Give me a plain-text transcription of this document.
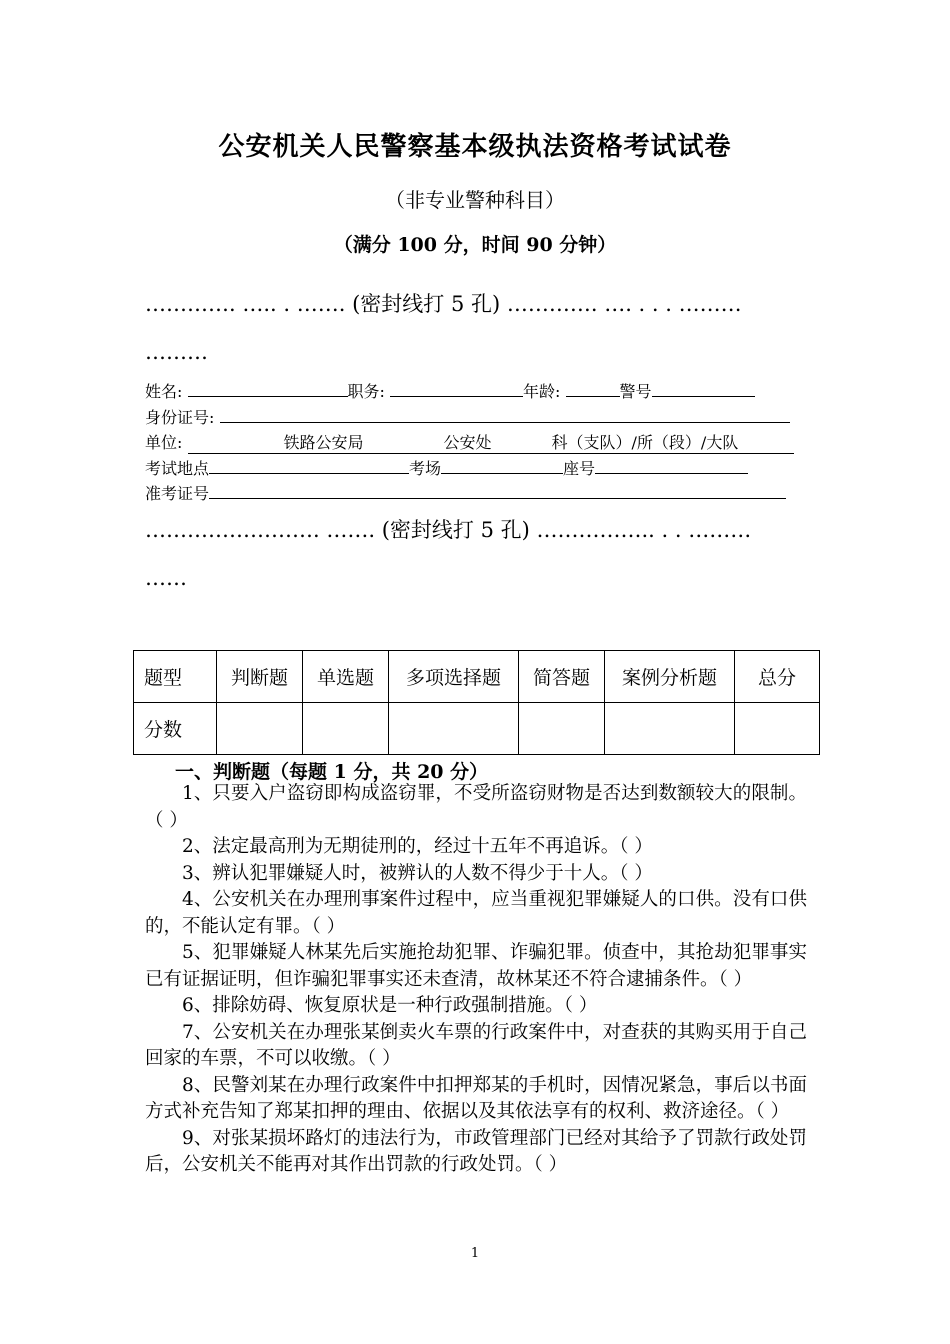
公安机关人民警察基本级执法资格考试试卷
（非专业警种科目）
（满分 100 分，时间 90 分钟）
…………. ….. . ……. (密封线打 5 孔) …………. …. . . . ………
………
姓名:	职务:	年龄:	警号
身份证号:
单位:	铁路公安局	公安处	科（支队）/所（段）/大队
考试地点	考场	座号
准考证号
……………………. ……. (密封线打 5 孔) …………….. . . ………
……
题型	判断题	单选题	多项选择题	简答题	案例分析题	总分
分数						
一、判断题（每题 1 分，共 20 分）

1、只要入户盗窃即构成盗窃罪，不受所盗窃财物是否达到数额较大的限制。（ ）

2、法定最高刑为无期徒刑的，经过十五年不再追诉。（ ）

3、辨认犯罪嫌疑人时，被辨认的人数不得少于十人。（ ）

4、公安机关在办理刑事案件过程中，应当重视犯罪嫌疑人的口供。没有口供的，不能认定有罪。（ ）

5、犯罪嫌疑人林某先后实施抢劫犯罪、诈骗犯罪。侦查中，其抢劫犯罪事实已有证据证明，但诈骗犯罪事实还未查清，故林某还不符合逮捕条件。（ ）

6、排除妨碍、恢复原状是一种行政强制措施。（ ）

7、公安机关在办理张某倒卖火车票的行政案件中，对查获的其购买用于自己回家的车票，不可以收缴。（ ）

8、民警刘某在办理行政案件中扣押郑某的手机时，因情况紧急，事后以书面方式补充告知了郑某扣押的理由、依据以及其依法享有的权利、救济途径。（ ）

9、对张某损坏路灯的违法行为，市政管理部门已经对其给予了罚款行政处罚后，公安机关不能再对其作出罚款的行政处罚。（ ）

1
